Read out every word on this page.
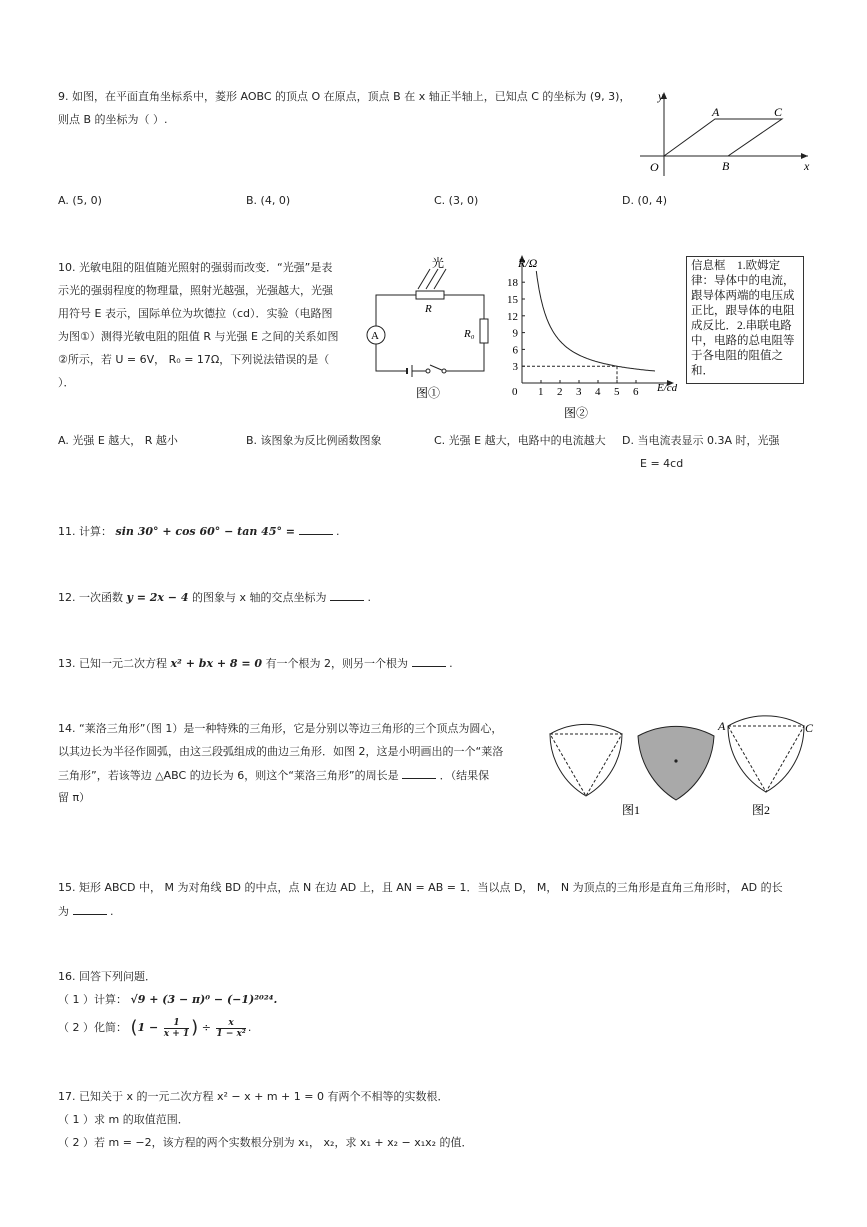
9. 如图，在平面直角坐标系中，菱形 AOBC 的顶点 O 在原点，顶点 B 在 x 轴正半轴上，已知点 C 的坐标为 (9, 3)，
则点 B 的坐标为（ ）.
y
x
O
A	C
B
A. (5, 0)	B. (4, 0)	C. (3, 0)	D. (0, 4)
10. 光敏电阻的阻值随光照射的强弱而改变．“光强”是表
示光的强弱程度的物理量，照射光越强，光强越大，光强
用符号 E 表示，国际单位为坎德拉（cd）．实验（电路图
为图①）测得光敏电阻的阻值 R 与光强 E 之间的关系如图
②所示，若 U = 6V， R₀ = 17Ω，下列说法错误的是（
）．
光
A
R
R₀
图①
18
15
12
9
6
3
0 1 2 3 4 5 6
R/Ω
E/cd
图②
信息框　1.欧姆定律：导体中的电流，跟导体两端的电压成正比，跟导体的电阻成反比．2.串联电路中，电路的总电阻等于各电阻的阻值之和．
A. 光强 E 越大， R 越小	B. 该图象为反比例函数图象	C. 光强 E 越大，电路中的电流越大 D. 当电流表显示 0.3A 时，光强
E = 4cd
11. 计算： sin 30° + cos 60° − tan 45° =	.
12. 一次函数 y = 2x − 4 的图象与 x 轴的交点坐标为	.
13. 已知一元二次方程 x² + bx + 8 = 0 有一个根为 2，则另一个根为	.
14. “莱洛三角形”（图 1）是一种特殊的三角形，它是分别以等边三角形的三个顶点为圆心，
以其边长为半径作圆弧，由这三段弧组成的曲边三角形．如图 2，这是小明画出的一个“莱洛
三角形”，若该等边 △ABC 的边长为 6，则这个“莱洛三角形”的周长是	．（结果保
留 π）
A	C
图1	图2
15. 矩形 ABCD 中， M 为对角线 BD 的中点，点 N 在边 AD 上，且 AN = AB = 1．当以点 D， M， N 为顶点的三角形是直角三角形时， AD 的长
为	.
16. 回答下列问题．
（ 1 ）计算： √9 + (3 − π)⁰ − (−1)²⁰²⁴.
（ 2 ）化简： ($1 - \frac{1}{x + 1}$ ) ÷ $\frac{x}{\text{1 − x²}}$ .
17. 已知关于 x 的一元二次方程 x² − x + m + 1 = 0 有两个不相等的实数根．
（ 1 ）求 m 的取值范围．
（ 2 ）若 m = −2，该方程的两个实数根分别为 x₁， x₂，求 x₁ + x₂ − x₁x₂ 的值．
